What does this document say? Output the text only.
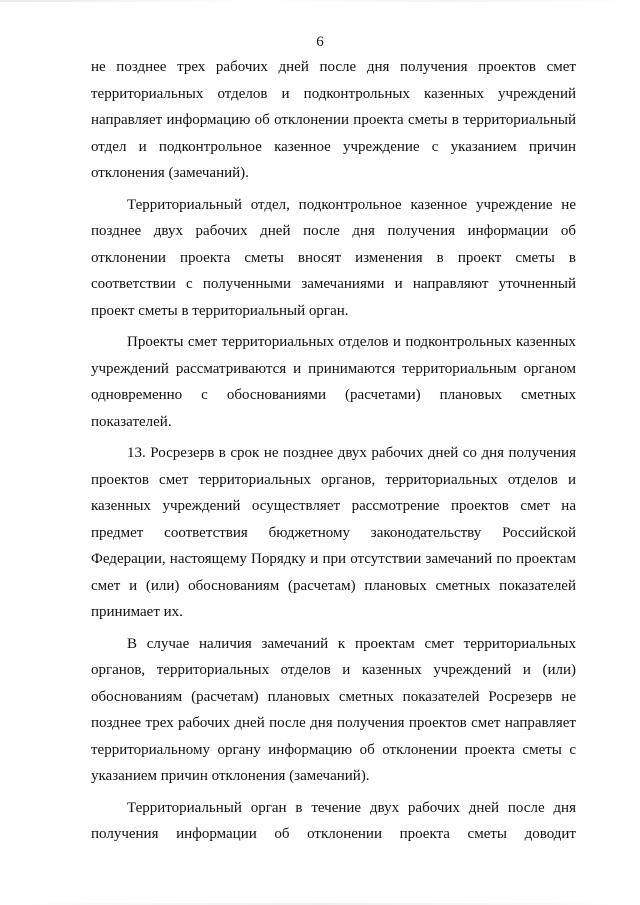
6

не позднее трех рабочих дней после дня получения проектов смет территориальных отделов и подконтрольных казенных учреждений направляет информацию об отклонении проекта сметы в территориальный отдел и подконтрольное казенное учреждение с указанием причин отклонения (замечаний).

Территориальный отдел, подконтрольное казенное учреждение не позднее двух рабочих дней после дня получения информации об отклонении проекта сметы вносят изменения в проект сметы в соответствии с полученными замечаниями и направляют уточненный проект сметы в территориальный орган.

Проекты смет территориальных отделов и подконтрольных казенных учреждений рассматриваются и принимаются территориальным органом одновременно с обоснованиями (расчетами) плановых сметных показателей.

13. Росрезерв в срок не позднее двух рабочих дней со дня получения проектов смет территориальных органов, территориальных отделов и казенных учреждений осуществляет рассмотрение проектов смет на предмет соответствия бюджетному законодательству Российской Федерации, настоящему Порядку и при отсутствии замечаний по проектам смет и (или) обоснованиям (расчетам) плановых сметных показателей принимает их.

В случае наличия замечаний к проектам смет территориальных органов, территориальных отделов и казенных учреждений и (или) обоснованиям (расчетам) плановых сметных показателей Росрезерв не позднее трех рабочих дней после дня получения проектов смет направляет территориальному органу информацию об отклонении проекта сметы с указанием причин отклонения (замечаний).

Территориальный орган в течение двух рабочих дней после дня получения информации об отклонении проекта сметы доводит
